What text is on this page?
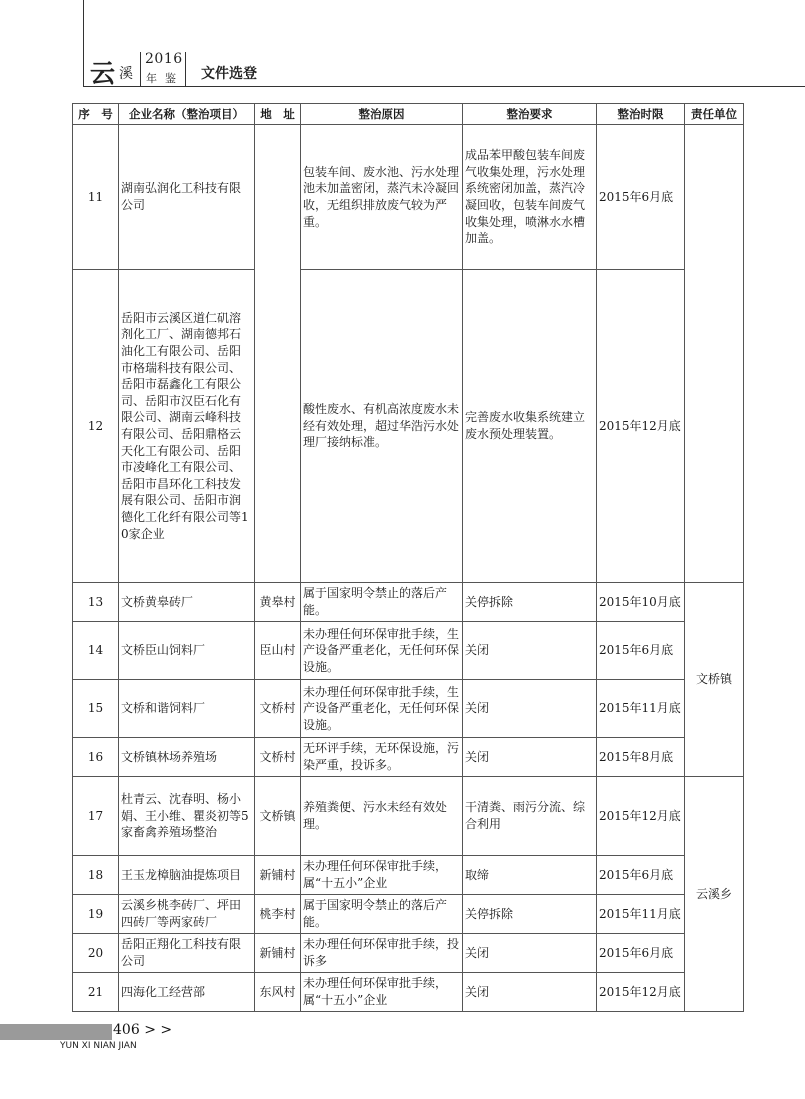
云 溪
2016
年鉴 文件选登
序　号	企业名称（整治项目）	地　址	整治原因	整治要求	整治时限	责任单位
11	湖南弘润化工科技有限公司		包装车间、废水池、污水处理池未加盖密闭，蒸汽未冷凝回收，无组织排放废气较为严重。	成品苯甲酸包装车间废气收集处理，污水处理系统密闭加盖，蒸汽冷凝回收，包装车间废气收集处理，喷淋水水槽加盖。	2015年6月底	
12	岳阳市云溪区道仁矶溶剂化工厂、湖南德邦石油化工有限公司、岳阳市格瑞科技有限公司、岳阳市磊鑫化工有限公司、岳阳市汉臣石化有限公司、湖南云峰科技有限公司、岳阳鼎格云天化工有限公司、岳阳市凌峰化工有限公司、岳阳市昌环化工科技发展有限公司、岳阳市润德化工化纤有限公司等10家企业		酸性废水、有机高浓度废水未经有效处理，超过华浩污水处理厂接纳标准。	完善废水收集系统建立废水预处理装置。	2015年12月底	
13	文桥黄皋砖厂	黄皋村	属于国家明令禁止的落后产能。	关停拆除	2015年10月底	文桥镇
14	文桥臣山饲料厂	臣山村	未办理任何环保审批手续，生产设备严重老化，无任何环保设施。	关闭	2015年6月底	
15	文桥和谐饲料厂	文桥村	未办理任何环保审批手续，生产设备严重老化，无任何环保设施。	关闭	2015年11月底	
16	文桥镇林场养殖场	文桥村	无环评手续，无环保设施，污染严重，投诉多。	关闭	2015年8月底	
17	杜青云、沈春明、杨小娟、王小维、瞿炎初等5家畜禽养殖场整治	文桥镇	养殖粪便、污水未经有效处理。	干清粪、雨污分流、综合利用	2015年12月底	云溪乡
18	王玉龙樟脑油提炼项目	新铺村	未办理任何环保审批手续，属“十五小”企业	取缔	2015年6月底	
19	云溪乡桃李砖厂、坪田四砖厂等两家砖厂	桃李村	属于国家明令禁止的落后产能。	关停拆除	2015年11月底	
20	岳阳正翔化工科技有限公司	新铺村	未办理任何环保审批手续，投诉多	关闭	2015年6月底	
21	四海化工经营部	东风村	未办理任何环保审批手续，属“十五小”企业	关闭	2015年12月底	
406 > >
YUN XI NIAN JIAN
